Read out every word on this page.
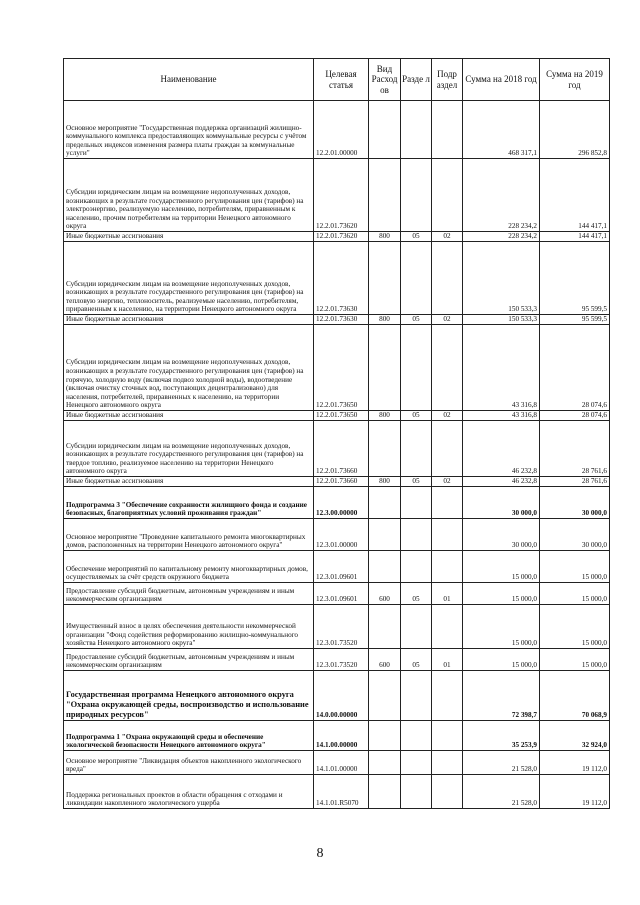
Наименование	Целевая статья	Вид Расход ов	Разде л	Подр аздел	Сумма на 2018 год	Сумма на 2019 год
Основное мероприятие "Государственная поддержка организаций жилищно-коммунального комплекса предоставляющих коммунальные ресурсы с учётом предельных индексов изменения размера платы граждан за коммунальные услуги"	12.2.01.00000				468 317,1	296 852,8
Субсидии юридическим лицам на возмещение недополученных доходов, возникающих в результате государственного регулирования цен (тарифов) на электроэнергию, реализуемую населению, потребителям, приравненным к населению, прочим потребителям на территории Ненецкого автономного округа	12.2.01.73620				228 234,2	144 417,1
Иные бюджетные ассигнования	12.2.01.73620	800	05	02	228 234,2	144 417,1
Субсидии юридическим лицам на возмещение недополученных доходов, возникающих в результате государственного регулирования цен (тарифов) на тепловую энергию, теплоноситель, реализуемые населению, потребителям, приравненным к населению, на территории Ненецкого автономного округа	12.2.01.73630				150 533,3	95 599,5
Иные бюджетные ассигнования	12.2.01.73630	800	05	02	150 533,3	95 599,5
Субсидии юридическим лицам на возмещение недополученных доходов, возникающих в результате государственного регулирования цен (тарифов) на горячую, холодную воду (включая подвоз холодной воды), водоотведение (включая очистку сточных вод, поступающих децентрализовано) для населения, потребителей, приравненных к населению, на территории Ненецкого автономного округа	12.2.01.73650				43 316,8	28 074,6
Иные бюджетные ассигнования	12.2.01.73650	800	05	02	43 316,8	28 074,6
Субсидии юридическим лицам на возмещение недополученных доходов, возникающих в результате государственного регулирования цен (тарифов) на твердое топливо, реализуемое населению на территории Ненецкого автономного округа	12.2.01.73660				46 232,8	28 761,6
Иные бюджетные ассигнования	12.2.01.73660	800	05	02	46 232,8	28 761,6
Подпрограмма 3 "Обеспечение сохранности жилищного фонда и создание безопасных, благоприятных условий проживания граждан"	12.3.00.00000				30 000,0	30 000,0
Основное мероприятие "Проведение капитального ремонта многоквартирных домов, расположенных на территории Ненецкого автономного округа"	12.3.01.00000				30 000,0	30 000,0
Обеспечение мероприятий по капитальному ремонту многоквартирных домов, осуществляемых за счёт средств окружного бюджета	12.3.01.09601				15 000,0	15 000,0
Предоставление субсидий бюджетным, автономным учреждениям и иным некоммерческим организациям	12.3.01.09601	600	05	01	15 000,0	15 000,0
Имущественный взнос в целях обеспечения деятельности некоммерческой организации "Фонд содействия реформированию жилищно-коммунального хозяйства Ненецкого автономного округа"	12.3.01.73520				15 000,0	15 000,0
Предоставление субсидий бюджетным, автономным учреждениям и иным некоммерческим организациям	12.3.01.73520	600	05	01	15 000,0	15 000,0
Государственная программа Ненецкого автономного округа "Охрана окружающей среды, воспроизводство и использование природных ресурсов"	14.0.00.00000				72 398,7	70 068,9
Подпрограмма 1 "Охрана окружающей среды и обеспечение экологической безопасности Ненецкого автономного округа"	14.1.00.00000				35 253,9	32 924,0
Основное мероприятие "Ликвидация объектов накопленного экологического вреда"	14.1.01.00000				21 528,0	19 112,0
Поддержка региональных проектов в области обращения с отходами и ликвидации накопленного экологического ущерба	14.1.01.R5070				21 528,0	19 112,0
8
